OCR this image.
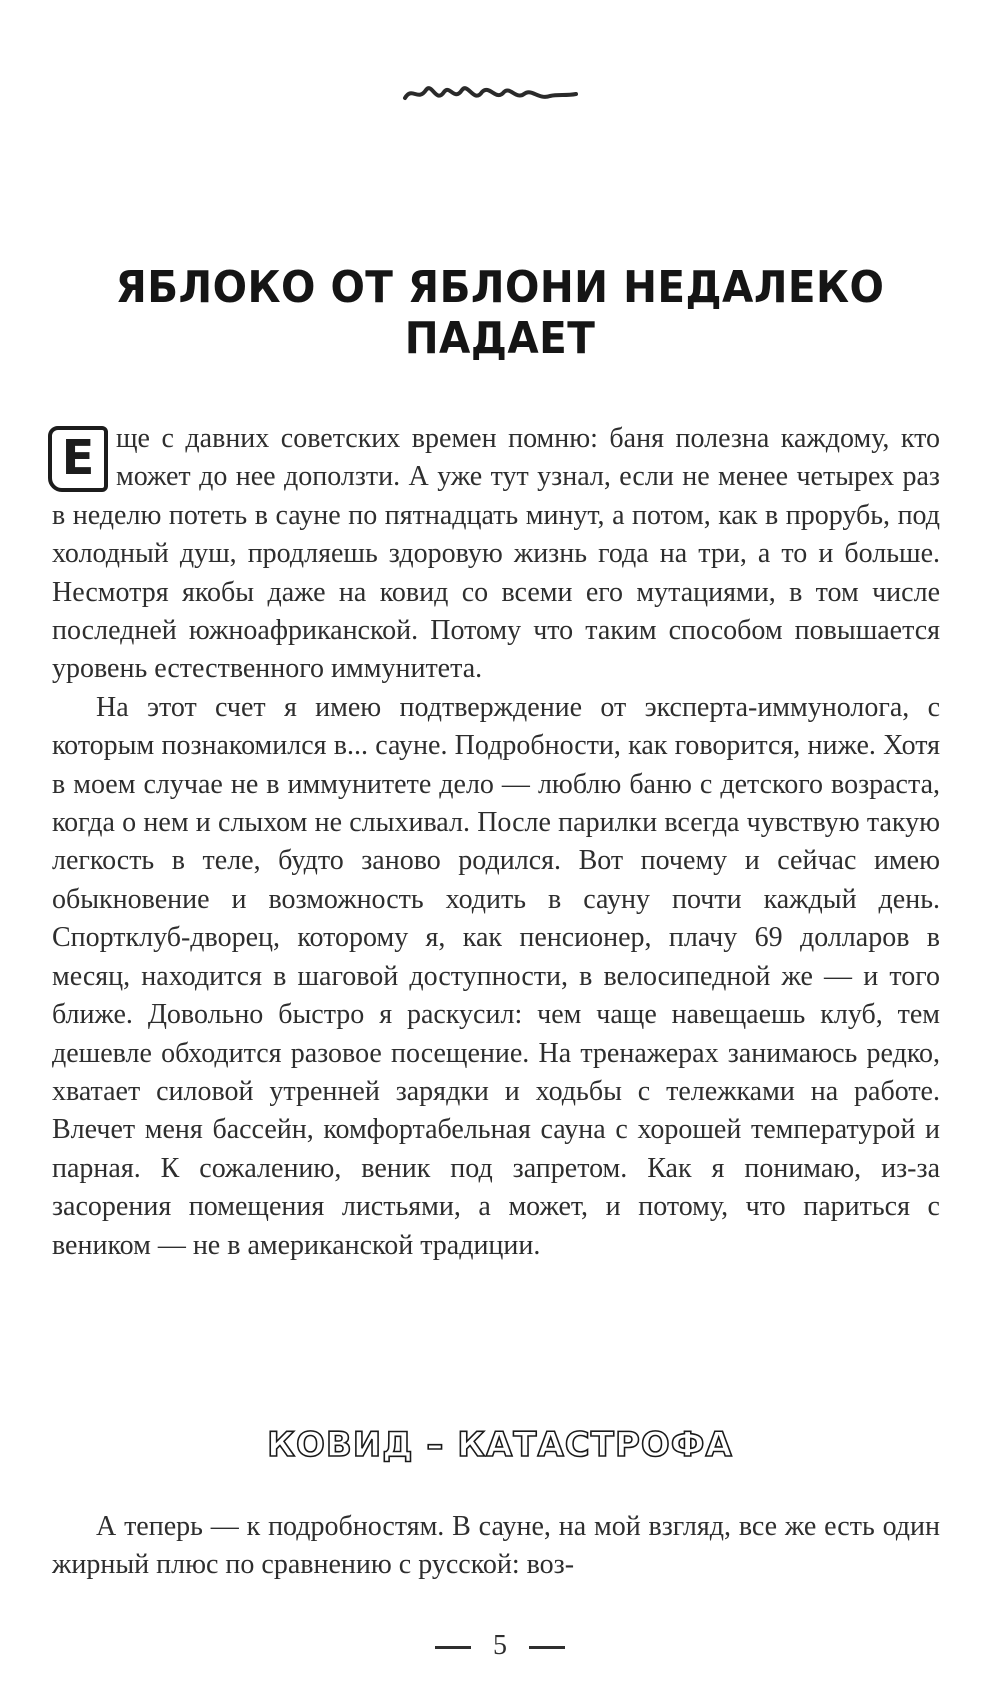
ЯБЛОКО ОТ ЯБЛОНИ НЕДАЛЕКО ПАДАЕТ

Е ще с давних советских времен помню: баня полезна каждому, кто может до нее доползти. А уже тут узнал, если не менее четырех раз в неделю потеть в сауне по пятнадцать минут, а потом, как в прорубь, под холодный душ, продляешь здоровую жизнь года на три, а то и больше. Несмотря якобы даже на ковид со всеми его мутациями, в том числе последней южноафриканской. Потому что таким способом повышается уровень естественного иммунитета.

На этот счет я имею подтверждение от эксперта-иммунолога, с которым познакомился в... сауне. Подробности, как говорится, ниже. Хотя в моем случае не в иммунитете дело — люблю баню с детского возраста, когда о нем и слыхом не слыхивал. После парилки всегда чувствую такую легкость в теле, будто заново родился. Вот почему и сейчас имею обыкновение и возможность ходить в сауну почти каждый день. Спортклуб-дворец, которому я, как пенсионер, плачу 69 долларов в месяц, находится в шаговой доступности, в велосипедной же — и того ближе. Довольно быстро я раскусил: чем чаще навещаешь клуб, тем дешевле обходится разовое посещение. На тренажерах занимаюсь редко, хватает силовой утренней зарядки и ходьбы с тележками на работе. Влечет меня бассейн, комфортабельная сауна с хорошей температурой и парная. К сожалению, веник под запретом. Как я понимаю, из-за засорения помещения листьями, а может, и потому, что париться с веником — не в американской традиции.

КОВИД – КАТАСТРОФА

А теперь — к подробностям. В сауне, на мой взгляд, все же есть один жирный плюс по сравнению с русской: воз-

5
